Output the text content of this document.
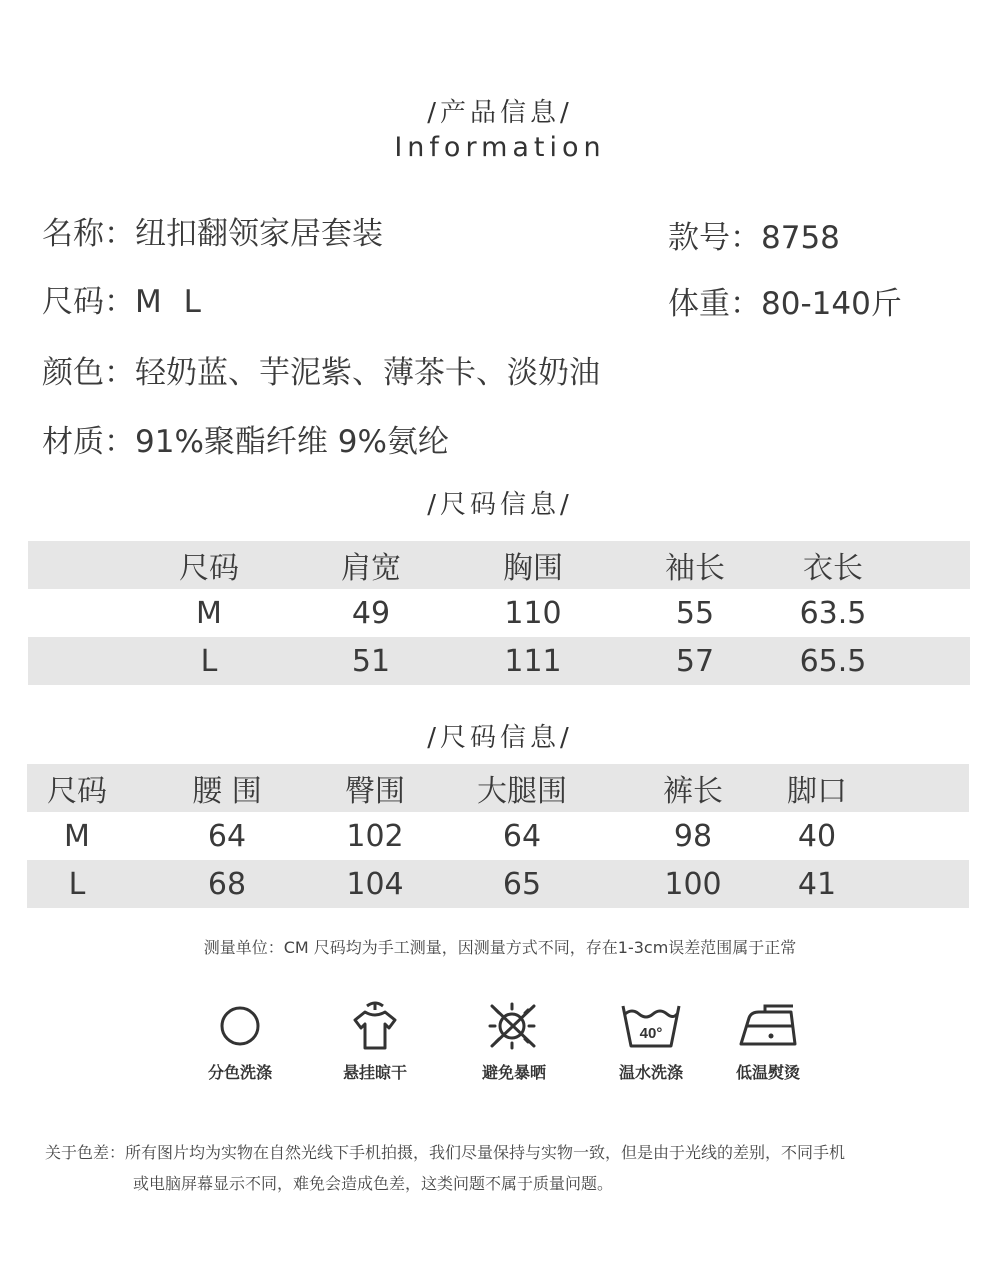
/产品信息/
Information
名称：纽扣翻领家居套装	款号：8758
尺码：M L	体重：80-140斤
颜色：轻奶蓝、芋泥紫、薄茶卡、淡奶油
材质：91%聚酯纤维 9%氨纶
/尺码信息/
尺码	肩宽	胸围	袖长	衣长
M	49	110	55	63.5
L	51	111	57	65.5
/尺码信息/
尺码	腰 围	臀围	大腿围	裤长	脚口
M	64	102	64	98	40
L	68	104	65	100	41
测量单位：CM 尺码均为手工测量，因测量方式不同，存在1-3cm误差范围属于正常
分色洗涤	悬挂晾干	避免暴晒
40°
温水洗涤	低温熨烫
关于色差：所有图片均为实物在自然光线下手机拍摄，我们尽量保持与实物一致，但是由于光线的差别，不同手机
或电脑屏幕显示不同，难免会造成色差，这类问题不属于质量问题。
